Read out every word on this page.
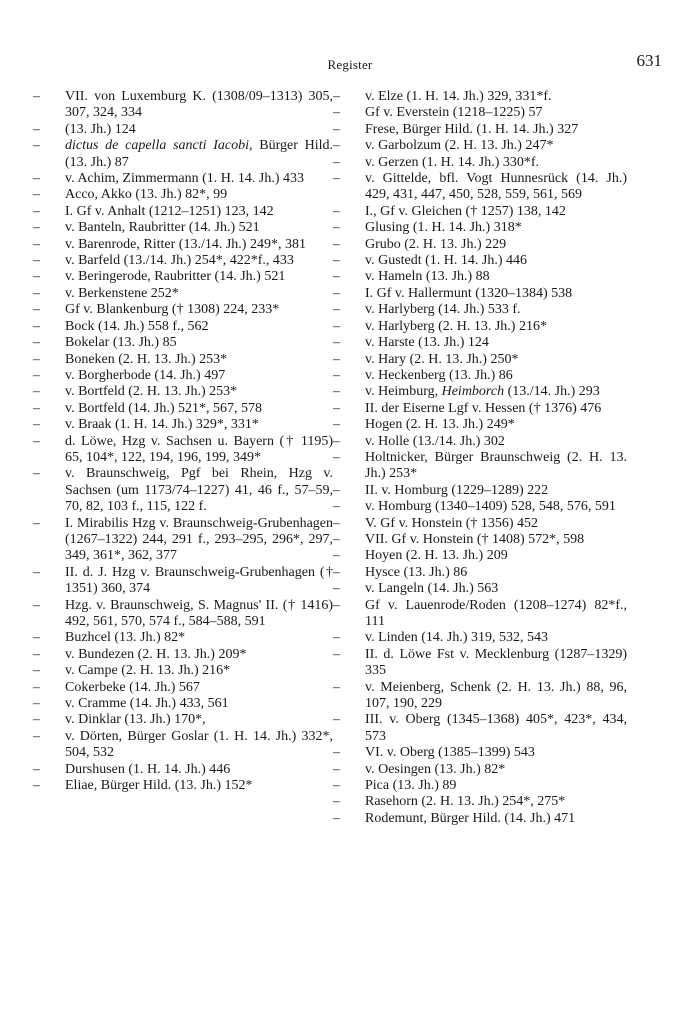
Register	631
–	VII. von Luxemburg K. (1308/09–1313) 305, 307, 324, 334
–	(13. Jh.) 124
–	dictus de capella sancti Iacobi, Bürger Hild. (13. Jh.) 87
–	v. Achim, Zimmermann (1. H. 14. Jh.) 433
–	Acco, Akko (13. Jh.) 82*, 99
–	I. Gf v. Anhalt (1212–1251) 123, 142
–	v. Banteln, Raubritter (14. Jh.) 521
–	v. Barenrode, Ritter (13./14. Jh.) 249*, 381
–	v. Barfeld (13./14. Jh.) 254*, 422*f., 433
–	v. Beringerode, Raubritter (14. Jh.) 521
–	v. Berkenstene 252*
–	Gf v. Blankenburg († 1308) 224, 233*
–	Bock (14. Jh.) 558 f., 562
–	Bokelar (13. Jh.) 85
–	Boneken (2. H. 13. Jh.) 253*
–	v. Borgherbode (14. Jh.) 497
–	v. Bortfeld (2. H. 13. Jh.) 253*
–	v. Bortfeld (14. Jh.) 521*, 567, 578
–	v. Braak (1. H. 14. Jh.) 329*, 331*
–	d. Löwe, Hzg v. Sachsen u. Bayern († 1195) 65, 104*, 122, 194, 196, 199, 349*
–	v. Braunschweig, Pgf bei Rhein, Hzg v. Sachsen (um 1173/74–1227) 41, 46 f., 57–59, 70, 82, 103 f., 115, 122 f.
–	I. Mirabilis Hzg v. Braunschweig-Grubenhagen (1267–1322) 244, 291 f., 293–295, 296*, 297, 349, 361*, 362, 377
–	II. d. J. Hzg v. Braunschweig-Grubenhagen († 1351) 360, 374
–	Hzg. v. Braunschweig, S. Magnus' II. († 1416) 492, 561, 570, 574 f., 584–588, 591
–	Buzhcel (13. Jh.) 82*
–	v. Bundezen (2. H. 13. Jh.) 209*
–	v. Campe (2. H. 13. Jh.) 216*
–	Cokerbeke (14. Jh.) 567
–	v. Cramme (14. Jh.) 433, 561
–	v. Dinklar (13. Jh.) 170*,
–	v. Dörten, Bürger Goslar (1. H. 14. Jh.) 332*, 504, 532
–	Durshusen (1. H. 14. Jh.) 446
–	Eliae, Bürger Hild. (13. Jh.) 152*
–	v. Elze (1. H. 14. Jh.) 329, 331*f.
–	Gf v. Everstein (1218–1225) 57
–	Frese, Bürger Hild. (1. H. 14. Jh.) 327
–	v. Garbolzum (2. H. 13. Jh.) 247*
–	v. Gerzen (1. H. 14. Jh.) 330*f.
–	v. Gittelde, bfl. Vogt Hunnesrück (14. Jh.) 429, 431, 447, 450, 528, 559, 561, 569
–	I., Gf v. Gleichen († 1257) 138, 142
–	Glusing (1. H. 14. Jh.) 318*
–	Grubo (2. H. 13. Jh.) 229
–	v. Gustedt (1. H. 14. Jh.) 446
–	v. Hameln (13. Jh.) 88
–	I. Gf v. Hallermunt (1320–1384) 538
–	v. Harlyberg (14. Jh.) 533 f.
–	v. Harlyberg (2. H. 13. Jh.) 216*
–	v. Harste (13. Jh.) 124
–	v. Hary (2. H. 13. Jh.) 250*
–	v. Heckenberg (13. Jh.) 86
–	v. Heimburg, Heimborch (13./14. Jh.) 293
–	II. der Eiserne Lgf v. Hessen († 1376) 476
–	Hogen (2. H. 13. Jh.) 249*
–	v. Holle (13./14. Jh.) 302
–	Holtnicker, Bürger Braunschweig (2. H. 13. Jh.) 253*
–	II. v. Homburg (1229–1289) 222
–	v. Homburg (1340–1409) 528, 548, 576, 591
–	V. Gf v. Honstein († 1356) 452
–	VII. Gf v. Honstein († 1408) 572*, 598
–	Hoyen (2. H. 13. Jh.) 209
–	Hysce (13. Jh.) 86
–	v. Langeln (14. Jh.) 563
–	Gf v. Lauenrode/Roden (1208–1274) 82*f., 111
–	v. Linden (14. Jh.) 319, 532, 543
–	II. d. Löwe Fst v. Mecklenburg (1287–1329) 335
–	v. Meienberg, Schenk (2. H. 13. Jh.) 88, 96, 107, 190, 229
–	III. v. Oberg (1345–1368) 405*, 423*, 434, 573
–	VI. v. Oberg (1385–1399) 543
–	v. Oesingen (13. Jh.) 82*
–	Pica (13. Jh.) 89
–	Rasehorn (2. H. 13. Jh.) 254*, 275*
–	Rodemunt, Bürger Hild. (14. Jh.) 471
